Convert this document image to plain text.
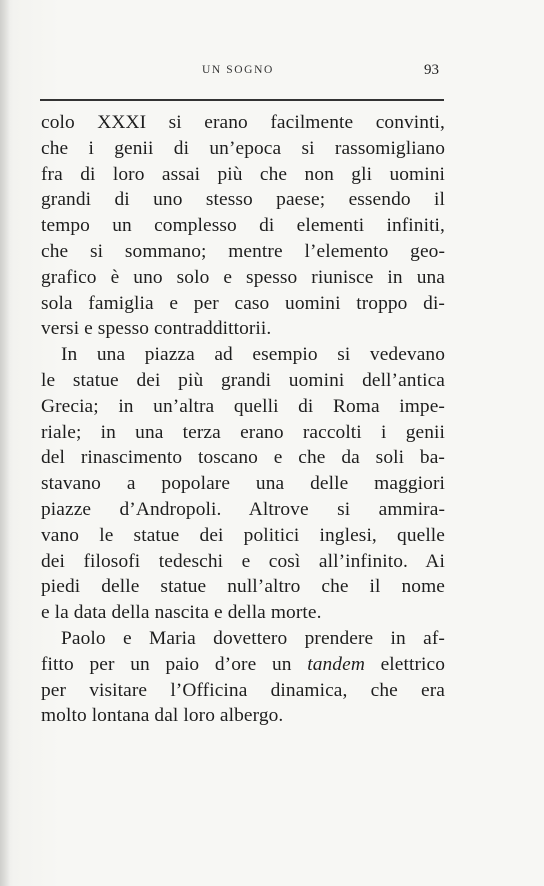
UN SOGNO	93
colo XXXI si erano facilmente convinti,
che i genii di un’epoca si rassomigliano
fra di loro assai più che non gli uomini
grandi di uno stesso paese; essendo il
tempo un complesso di elementi infiniti,
che si sommano; mentre l’elemento geo-
grafico è uno solo e spesso riunisce in una
sola famiglia e per caso uomini troppo di-
versi e spesso contraddittorii.
In una piazza ad esempio si vedevano
le statue dei più grandi uomini dell’antica
Grecia; in un’altra quelli di Roma impe-
riale; in una terza erano raccolti i genii
del rinascimento toscano e che da soli ba-
stavano a popolare una delle maggiori
piazze d’Andropoli. Altrove si ammira-
vano le statue dei politici inglesi, quelle
dei filosofi tedeschi e così all’infinito. Ai
piedi delle statue null’altro che il nome
e la data della nascita e della morte.
Paolo e Maria dovettero prendere in af-
fitto per un paio d’ore un tandem elettrico
per visitare l’Officina dinamica, che era
molto lontana dal loro albergo.
